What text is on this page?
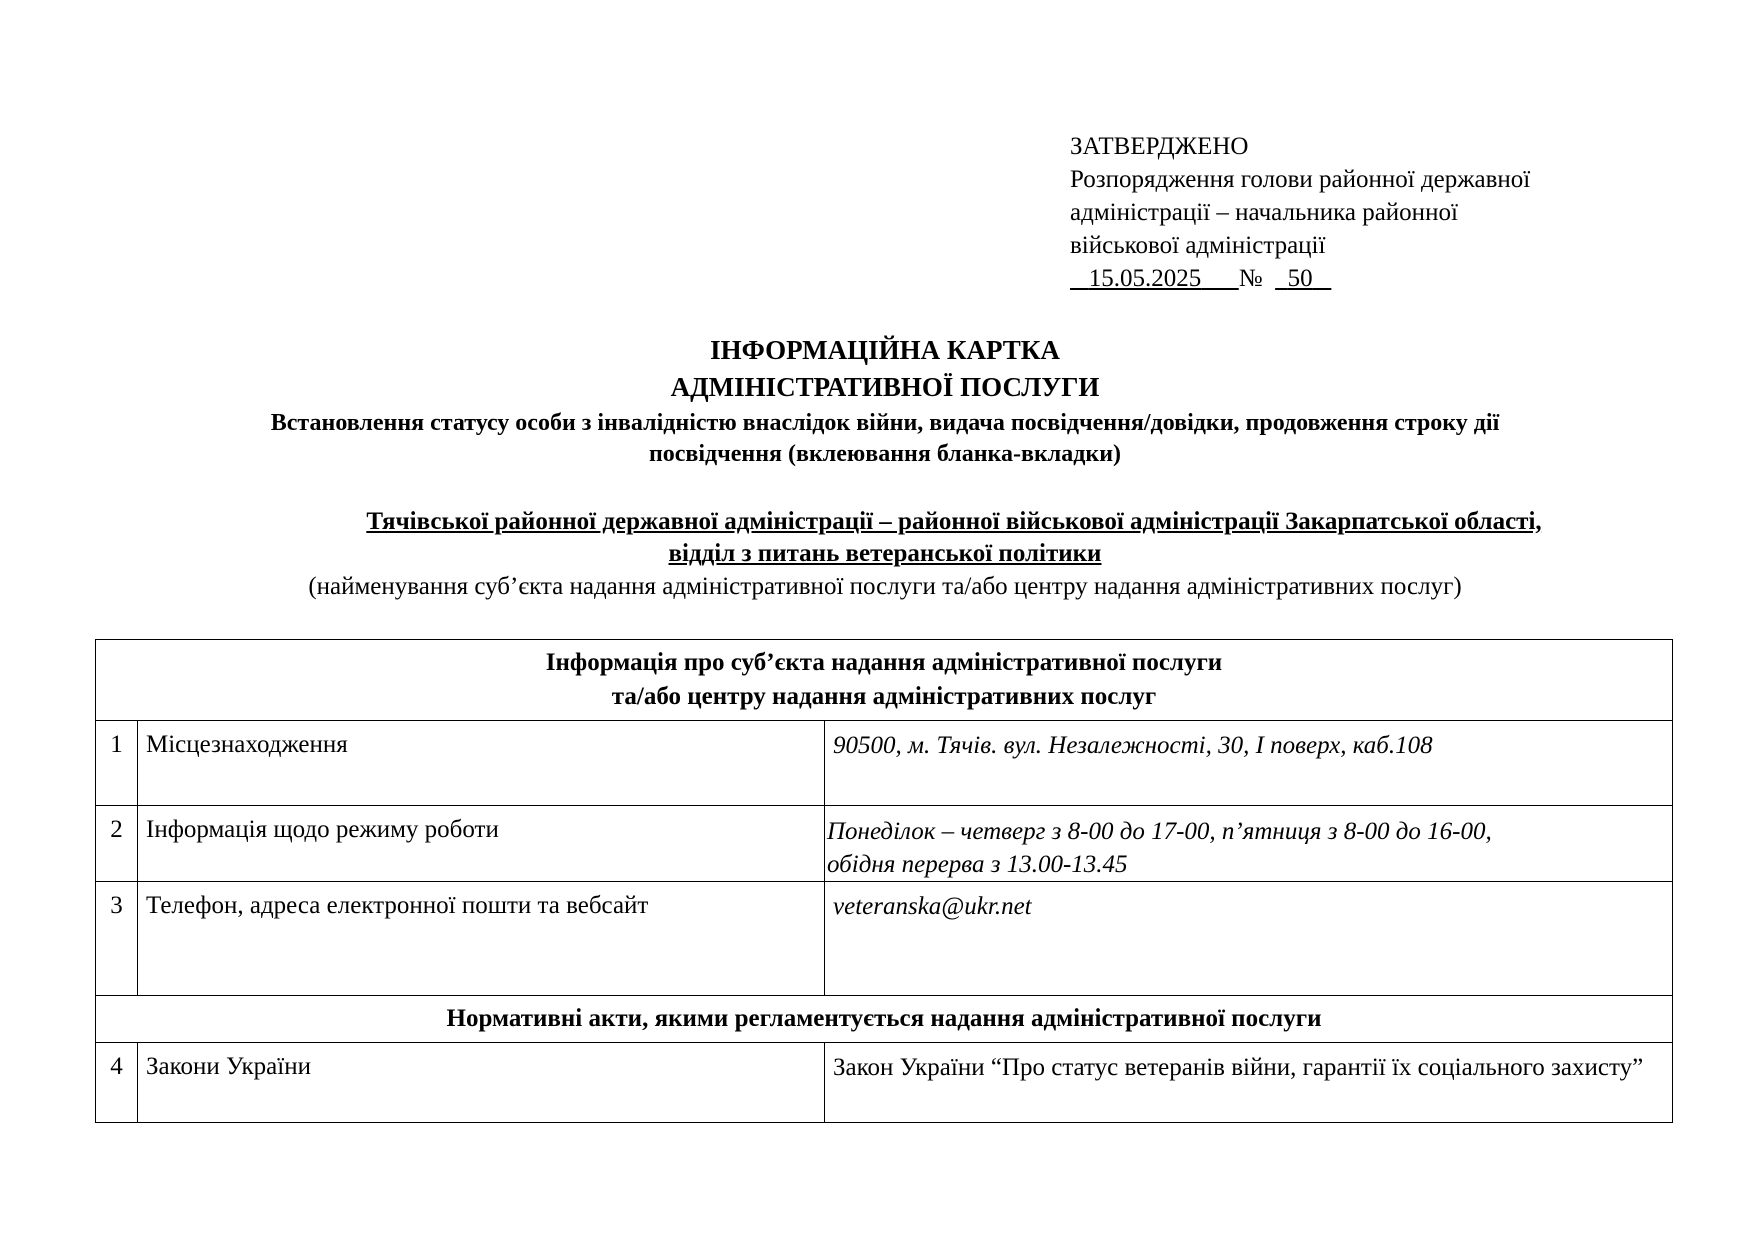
ЗАТВЕРДЖЕНО
Розпорядження голови районної державної
адміністрації – начальника районної
військової адміністрації
15.05.2025 № 50
ІНФОРМАЦІЙНА КАРТКА
АДМІНІСТРАТИВНОЇ ПОСЛУГИ
Встановлення статусу особи з інвалідністю внаслідок війни, видача посвідчення/довідки, продовження строку дії
посвідчення (вклеювання бланка-вкладки)
Тячівської районної державної адміністрації – районної військової адміністрації Закарпатської області,
відділ з питань ветеранської політики
(найменування суб’єкта надання адміністративної послуги та/або центру надання адміністративних послуг)
Інформація про суб’єкта надання адміністративної послуги
та/або центру надання адміністративних послуг		

1	Місцезнаходження	90500, м. Тячів. вул. Незалежності, 30, І поверх, каб.108
2	Інформація щодо режиму роботи	Понеділок – четверг з 8-00 до 17-00, п’ятниця з 8-00 до 16-00,
обідня перерва з 13.00-13.45

3	Телефон, адреса електронної пошти та вебсайт	veteranska@ukr.net
Нормативні акти, якими регламентується надання адміністративної послуги		
4	Закони України	Закон України “Про статус ветеранів війни, гарантії їх соціального захисту”
